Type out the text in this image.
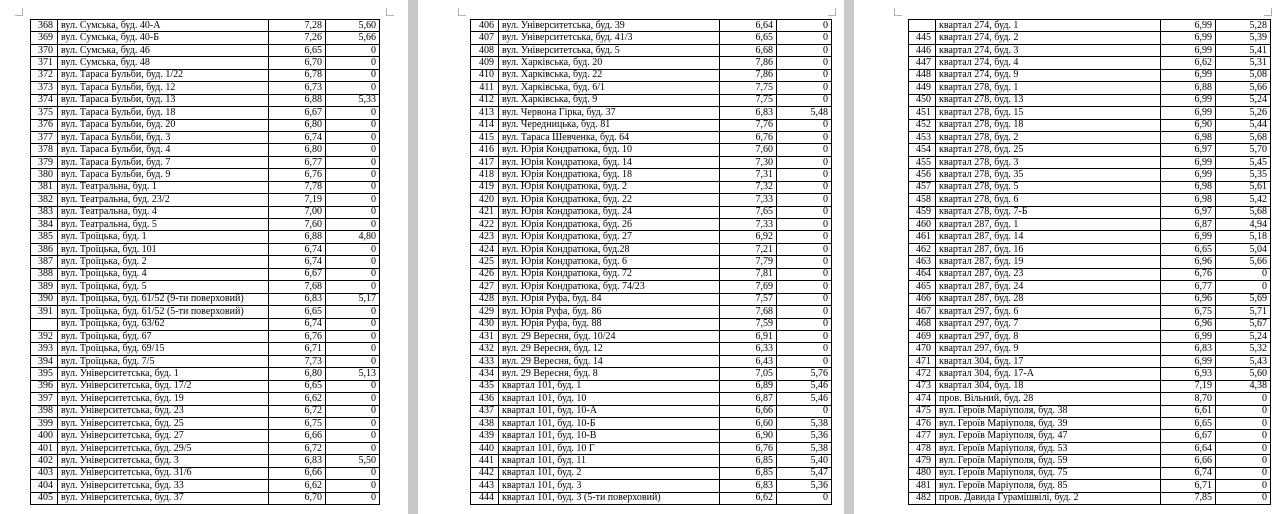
368	вул. Сумська, буд. 40-А	7,28	5,60
369	вул. Сумська, буд. 40-Б	7,26	5,66
370	вул. Сумська, буд. 46	6,65	0
371	вул. Сумська, буд. 48	6,70	0
372	вул. Тараса Бульби, буд. 1/22	6,78	0
373	вул. Тараса Бульби, буд. 12	6,73	0
374	вул. Тараса Бульби, буд. 13	6,88	5,33
375	вул. Тараса Бульби, буд. 18	6,67	0
376	вул. Тараса Бульби, буд. 20	6,80	0
377	вул. Тараса Бульби, буд. 3	6,74	0
378	вул. Тараса Бульби, буд. 4	6,80	0
379	вул. Тараса Бульби, буд. 7	6,77	0
380	вул. Тараса Бульби, буд. 9	6,76	0
381	вул. Театральна, буд. 1	7,78	0
382	вул. Театральна, буд. 23/2	7,19	0
383	вул. Театральна, буд. 4	7,00	0
384	вул. Театральна, буд. 5	7,60	0
385	вул. Троїцька, буд. 1	6,88	4,80
386	вул. Троїцька, буд. 101	6,74	0
387	вул. Троїцька, буд. 2	6,74	0
388	вул. Троїцька, буд. 4	6,67	0
389	вул. Троїцька, буд. 5	7,68	0
390	вул. Троїцька, буд. 61/52 (9-ти поверховий)	6,83	5,17
391	вул. Троїцька, буд. 61/52 (5-ти поверховий)	6,65	0
	вул. Троїцька, буд. 63/62	6,74	0
392	вул. Троїцька, буд. 67	6,76	0
393	вул. Троїцька, буд. 69/15	6,71	0
394	вул. Троїцька, буд. 7/5	7,73	0
395	вул. Університетська, буд. 1	6,80	5,13
396	вул. Університетська, буд. 17/2	6,65	0
397	вул. Університетська, буд. 19	6,62	0
398	вул. Університетська, буд. 23	6,72	0
399	вул. Університетська, буд. 25	6,75	0
400	вул. Університетська, буд. 27	6,66	0
401	вул. Університетська, буд. 29/5	6,72	0
402	вул. Університетська, буд. 3	6,83	5,50
403	вул. Університетська, буд. 31/6	6,66	0
404	вул. Університетська, буд. 33	6,62	0
405	вул. Університетська, буд. 37	6,70	0
406	вул. Університетська, буд. 39	6,64	0
407	вул. Університетська, буд. 41/3	6,65	0
408	вул. Університетська, буд. 5	6,68	0
409	вул. Харківська, буд. 20	7,86	0
410	вул. Харківська, буд. 22	7,86	0
411	вул. Харківська, буд. 6/1	7,75	0
412	вул. Харківська, буд. 9	7,75	0
413	вул. Червона Гірка, буд. 37	6,83	5,48
414	вул. Чередницька, буд. 81	7,76	0
415	вул. Тараса Шевченка, буд. 64	6,76	0
416	вул. Юрія Кондратюка, буд. 10	7,60	0
417	вул. Юрія Кондратюка, буд. 14	7,30	0
418	вул. Юрія Кондратюка, буд. 18	7,31	0
419	вул. Юрія Кондратюка, буд. 2	7,32	0
420	вул. Юрія Кондратюка, буд. 22	7,33	0
421	вул. Юрія Кондратюка, буд. 24	7,65	0
422	вул. Юрія Кондратюка, буд. 26	7,33	0
423	вул. Юрія Кондратюка, буд. 27	6,92	0
424	вул. Юрія Кондратюка, буд.28	7,21	0
425	вул. Юрія Кондратюка, буд. 6	7,79	0
426	вул. Юрія Кондратюка, буд. 72	7,81	0
427	вул. Юрія Кондратюка, буд. 74/23	7,69	0
428	вул. Юрія Руфа, буд. 84	7,57	0
429	вул. Юрія Руфа, буд. 86	7,68	0
430	вул. Юрія Руфа, буд. 88	7,59	0
431	вул. 29 Вересня, буд. 10/24	6,91	0
432	вул. 29 Вересня, буд. 12	6,33	0
433	вул. 29 Вересня, буд. 14	6,43	0
434	вул. 29 Вересня, буд. 8	7,05	5,76
435	квартал 101, буд. 1	6,89	5,46
436	квартал 101, буд. 10	6,87	5,46
437	квартал 101, буд. 10-А	6,66	0
438	квартал 101, буд. 10-Б	6,60	5,38
439	квартал 101, буд. 10-В	6,90	5,36
440	квартал 101, буд. 10 Г	6,76	5,38
441	квартал 101, буд. 11	6,85	5,40
442	квартал 101, буд. 2	6,85	5,47
443	квартал 101, буд. 3	6,83	5,36
444	квартал 101, буд. 3 (5-ти поверховий)	6,62	0
	квартал 274, буд. 1	6,99	5,28
445	квартал 274, буд. 2	6,99	5,39
446	квартал 274, буд. 3	6,99	5,41
447	квартал 274, буд. 4	6,62	5,31
448	квартал 274, буд. 9	6,99	5,08
449	квартал 278, буд. 1	6,88	5,66
450	квартал 278, буд. 13	6,99	5,24
451	квартал 278, буд. 15	6,99	5,26
452	квартал 278, буд. 18	6,90	5,44
453	квартал 278, буд. 2	6,98	5,68
454	квартал 278, буд. 25	6,97	5,70
455	квартал 278, буд. 3	6,99	5,45
456	квартал 278, буд. 35	6,99	5,35
457	квартал 278, буд. 5	6,98	5,61
458	квартал 278, буд. 6	6,98	5,42
459	квартал 278, буд. 7-Б	6,97	5,68
460	квартал 287, буд. 1	6,87	4,94
461	квартал 287, буд. 14	6,99	5,18
462	квартал 287, буд. 16	6,65	5,04
463	квартал 287, буд. 19	6,96	5,66
464	квартал 287, буд. 23	6,76	0
465	квартал 287, буд. 24	6,77	0
466	квартал 287, буд. 28	6,96	5,69
467	квартал 297, буд. 6	6,75	5,71
468	квартал 297, буд. 7	6,96	5,67
469	квартал 297, буд. 8	6,99	5,24
470	квартал 297, буд. 9	6,83	5,32
471	квартал 304, буд. 17	6,99	5,43
472	квартал 304, буд. 17-А	6,93	5,60
473	квартал 304, буд. 18	7,19	4,38
474	пров. Вільний, буд. 28	8,70	0
475	вул. Героїв Маріуполя, буд. 38	6,61	0
476	вул. Героїв Маріуполя, буд. 39	6,65	0
477	вул. Героїв Маріуполя, буд. 47	6,67	0
478	вул. Героїв Маріуполя, буд. 53	6,64	0
479	вул. Героїв Маріуполя, буд. 59	6,66	0
480	вул. Героїв Маріуполя, буд. 75	6,74	0
481	вул. Героїв Маріуполя, буд. 85	6,71	0
482	пров. Давида Гурамішвілі, буд. 2	7,85	0
